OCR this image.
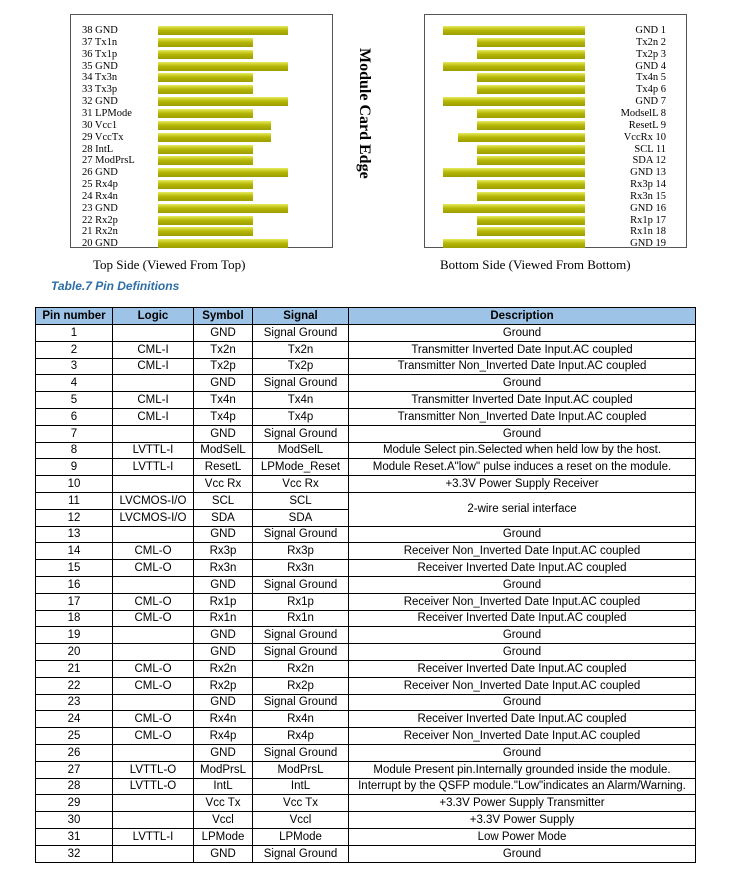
38 GND
37 Tx1n
36 Tx1p
35 GND
34 Tx3n
33 Tx3p
32 GND
31 LPMode
30 Vcc1
29 VccTx
28 IntL
27 ModPrsL
26 GND
25 Rx4p
24 Rx4n
23 GND
22 Rx2p
21 Rx2n
20 GND
GND 1
Tx2n 2
Tx2p 3
GND 4
Tx4n 5
Tx4p 6
GND 7
ModselL 8
ResetL 9
VccRx 10
SCL 11
SDA 12
GND 13
Rx3p 14
Rx3n 15
GND 16
Rx1p 17
Rx1n 18
GND 19
Module Card Edge
Top Side (Viewed From Top)	Bottom Side (Viewed From Bottom)
Table.7 Pin Definitions
Pin number	Logic	Symbol	Signal	Description
1		GND	Signal Ground	Ground
2	CML-I	Tx2n	Tx2n	Transmitter Inverted Date Input.AC coupled
3	CML-I	Tx2p	Tx2p	Transmitter Non_Inverted Date Input.AC coupled
4		GND	Signal Ground	Ground
5	CML-I	Tx4n	Tx4n	Transmitter Inverted Date Input.AC coupled
6	CML-I	Tx4p	Tx4p	Transmitter Non_Inverted Date Input.AC coupled
7		GND	Signal Ground	Ground
8	LVTTL-I	ModSelL	ModSelL	Module Select pin.Selected when held low by the host.
9	LVTTL-I	ResetL	LPMode_Reset	Module Reset.A"low" pulse induces a reset on the module.
10		Vcc Rx	Vcc Rx	+3.3V Power Supply Receiver
11	LVCMOS-I/O	SCL	SCL	2-wire serial interface
12	LVCMOS-I/O	SDA	SDA	
13		GND	Signal Ground	Ground
14	CML-O	Rx3p	Rx3p	Receiver Non_Inverted Date Input.AC coupled
15	CML-O	Rx3n	Rx3n	Receiver Inverted Date Input.AC coupled
16		GND	Signal Ground	Ground
17	CML-O	Rx1p	Rx1p	Receiver Non_Inverted Date Input.AC coupled
18	CML-O	Rx1n	Rx1n	Receiver Inverted Date Input.AC coupled
19		GND	Signal Ground	Ground
20		GND	Signal Ground	Ground
21	CML-O	Rx2n	Rx2n	Receiver Inverted Date Input.AC coupled
22	CML-O	Rx2p	Rx2p	Receiver Non_Inverted Date Input.AC coupled
23		GND	Signal Ground	Ground
24	CML-O	Rx4n	Rx4n	Receiver Inverted Date Input.AC coupled
25	CML-O	Rx4p	Rx4p	Receiver Non_Inverted Date Input.AC coupled
26		GND	Signal Ground	Ground
27	LVTTL-O	ModPrsL	ModPrsL	Module Present pin.Internally grounded inside the module.
28	LVTTL-O	IntL	IntL	Interrupt by the QSFP module."Low"indicates an Alarm/Warning.
29		Vcc Tx	Vcc Tx	+3.3V Power Supply Transmitter
30		Vccl	Vccl	+3.3V Power Supply
31	LVTTL-I	LPMode	LPMode	Low Power Mode
32		GND	Signal Ground	Ground
